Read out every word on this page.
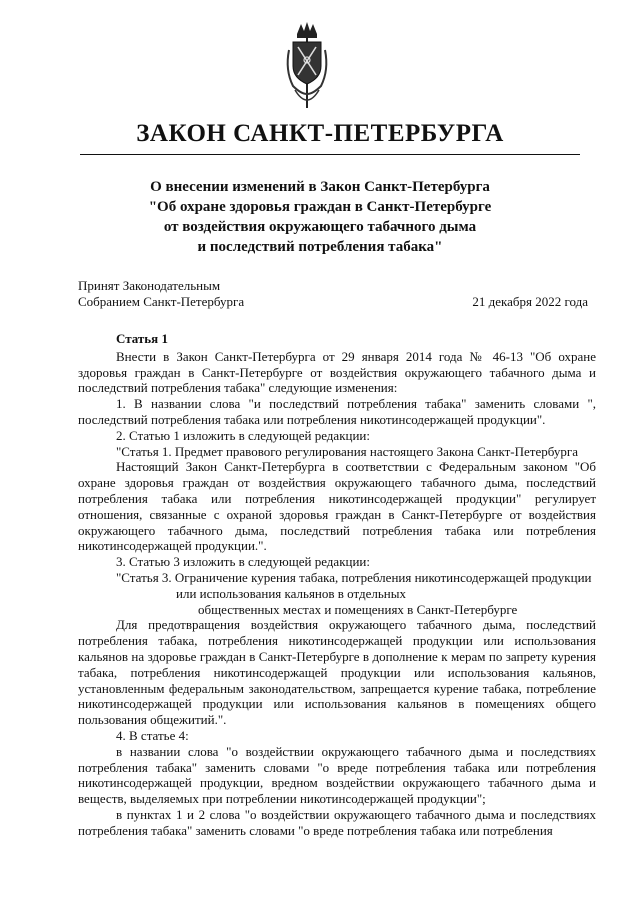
ЗАКОН САНКТ-ПЕТЕРБУРГА
О внесении изменений в Закон Санкт-Петербурга
"Об охране здоровья граждан в Санкт-Петербурге
от воздействия окружающего табачного дыма
и последствий потребления табака"
Принят Законодательным
Собранием Санкт-Петербурга	21 декабря 2022 года

Статья 1

Внести в Закон Санкт-Петербурга от 29 января 2014 года № 46-13 "Об охране здоровья граждан в Санкт-Петербурге от воздействия окружающего табачного дыма и последствий потребления табака" следующие изменения:

1. В названии слова "и последствий потребления табака" заменить словами ", последствий потребления табака или потребления никотинсодержащей продукции".

2. Статью 1 изложить в следующей редакции:

"Статья 1. Предмет правового регулирования настоящего Закона Санкт-Петербурга

Настоящий Закон Санкт-Петербурга в соответствии с Федеральным законом "Об охране здоровья граждан от воздействия окружающего табачного дыма, последствий потребления табака или потребления никотинсодержащей продукции" регулирует отношения, связанные с охраной здоровья граждан в Санкт-Петербурге от воздействия окружающего табачного дыма, последствий потребления табака или потребления никотинсодержащей продукции.".

3. Статью 3 изложить в следующей редакции:

"Статья 3. Ограничение курения табака, потребления никотинсодержащей продукции

или использования кальянов в отдельных

общественных местах и помещениях в Санкт-Петербурге

Для предотвращения воздействия окружающего табачного дыма, последствий потребления табака, потребления никотинсодержащей продукции или использования кальянов на здоровье граждан в Санкт-Петербурге в дополнение к мерам по запрету курения табака, потребления никотинсодержащей продукции или использования кальянов, установленным федеральным законодательством, запрещается курение табака, потребление никотинсодержащей продукции или использования кальянов в помещениях общего пользования общежитий.".

4. В статье 4:

в названии слова "о воздействии окружающего табачного дыма и последствиях потребления табака" заменить словами "о вреде потребления табака или потребления никотинсодержащей продукции, вредном воздействии окружающего табачного дыма и веществ, выделяемых при потреблении никотинсодержащей продукции";

в пунктах 1 и 2 слова "о воздействии окружающего табачного дыма и последствиях потребления табака" заменить словами "о вреде потребления табака или потребления
